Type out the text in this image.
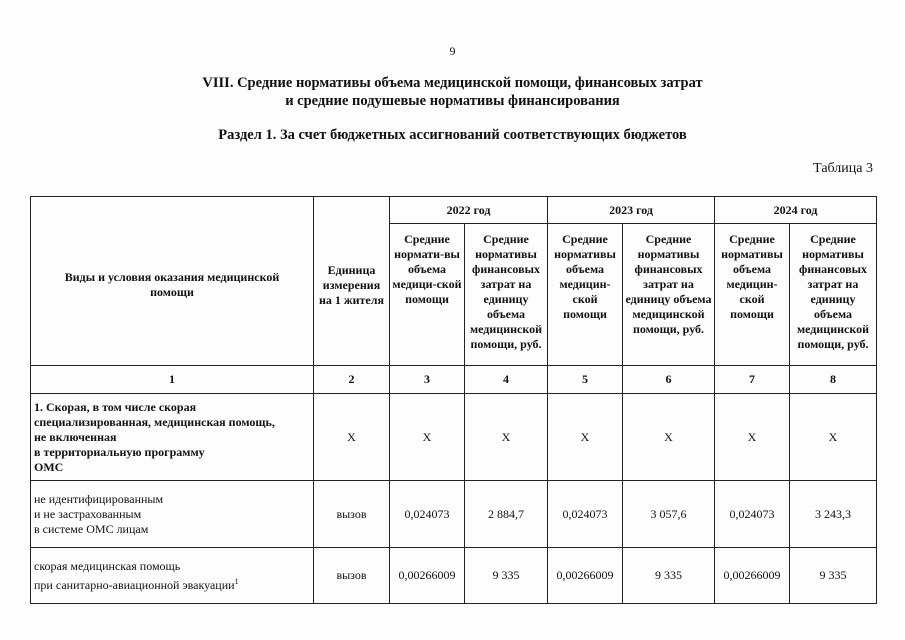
9
VIII. Средние нормативы объема медицинской помощи, финансовых затрат
и средние подушевые нормативы финансирования
Раздел 1. За счет бюджетных ассигнований соответствующих бюджетов
Таблица 3
Виды и условия оказания медицинской помощи	Единица измерения на 1 жителя	2022 год		2023 год		2024 год	
		Средние нормати-вы объема медици-ской помощи	Средние нормативы финансовых затрат на единицу объема медицинской помощи, руб.	Средние нормативы объема медицин-ской помощи	Средние нормативы финансовых затрат на единицу объема медицинской помощи, руб.	Средние нормативы объема медицин-ской помощи	Средние нормативы финансовых затрат на единицу объема медицинской помощи, руб.
1	2	3	4	5	6	7	8

1. Скорая, в том числе скорая
специализированная, медицинская помощь,
не включенная
в территориальную программу
ОМС	Х	Х	Х	Х	Х	Х	Х

не идентифицированным
и не застрахованным
в системе ОМС лицам	вызов	0,024073	2 884,7	0,024073	3 057,6	0,024073	3 243,3

скорая медицинская помощь
при санитарно-авиационной эвакуации$^1$	вызов	0,00266009	9 335	0,00266009	9 335	0,00266009	9 335
